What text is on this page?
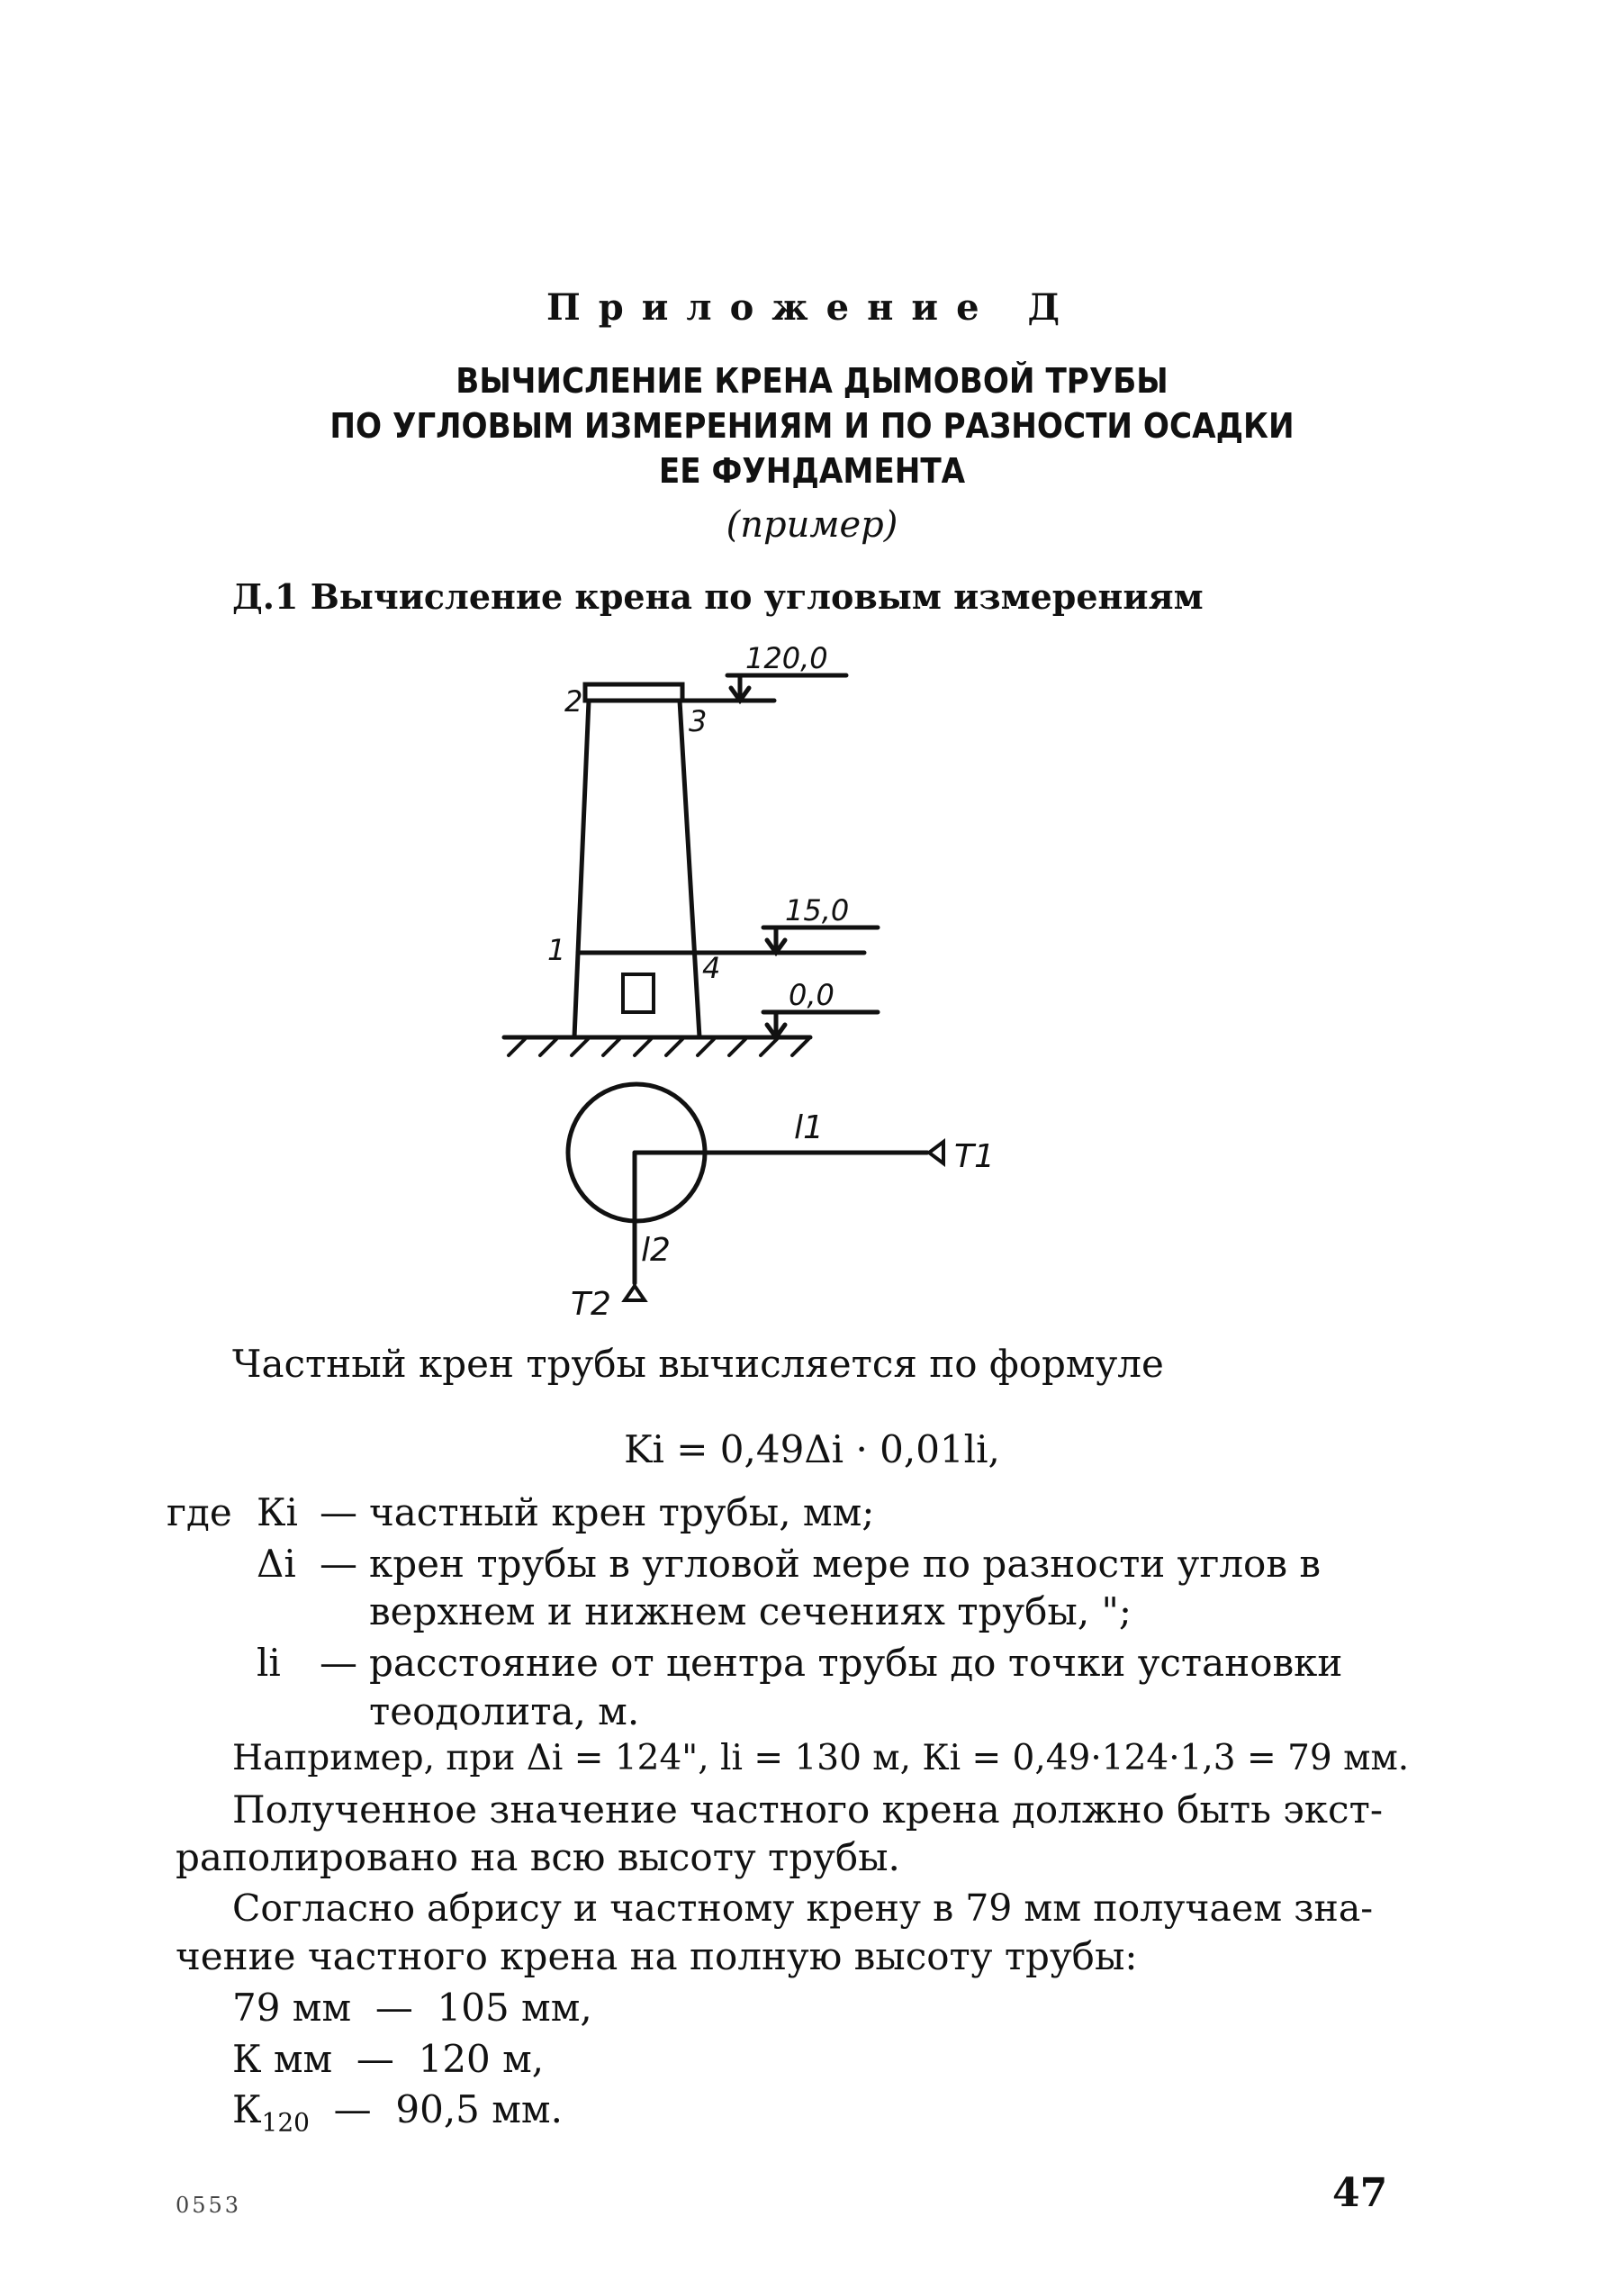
Приложение Д
ВЫЧИСЛЕНИЕ КРЕНА ДЫМОВОЙ ТРУБЫ
ПО УГЛОВЫМ ИЗМЕРЕНИЯМ И ПО РАЗНОСТИ ОСАДКИ
ЕЕ ФУНДАМЕНТА
(пример)
Д.1 Вычисление крена по угловым измерениям
120,0
15,0
0,0
2
3
1
4
l1
l2
T1
T2
Частный крен трубы вычисляется по формуле
Ki = 0,49Δi · 0,01li,
где Кi — частный крен трубы, мм;
Δi — крен трубы в угловой мере по разности углов в
верхнем и нижнем сечениях трубы, ";
li — расстояние от центра трубы до точки установки
теодолита, м.
Например, при Δi = 124", li = 130 м, Кi = 0,49·124·1,3 = 79 мм.
Полученное значение частного крена должно быть экст-
раполировано на всю высоту трубы.
Согласно абрису и частному крену в 79 мм получаем зна-
чение частного крена на полную высоту трубы:
79 мм  —  105 мм,
К мм  —  120 м,
$К_{120}$  —  90,5 мм.
0553	47
